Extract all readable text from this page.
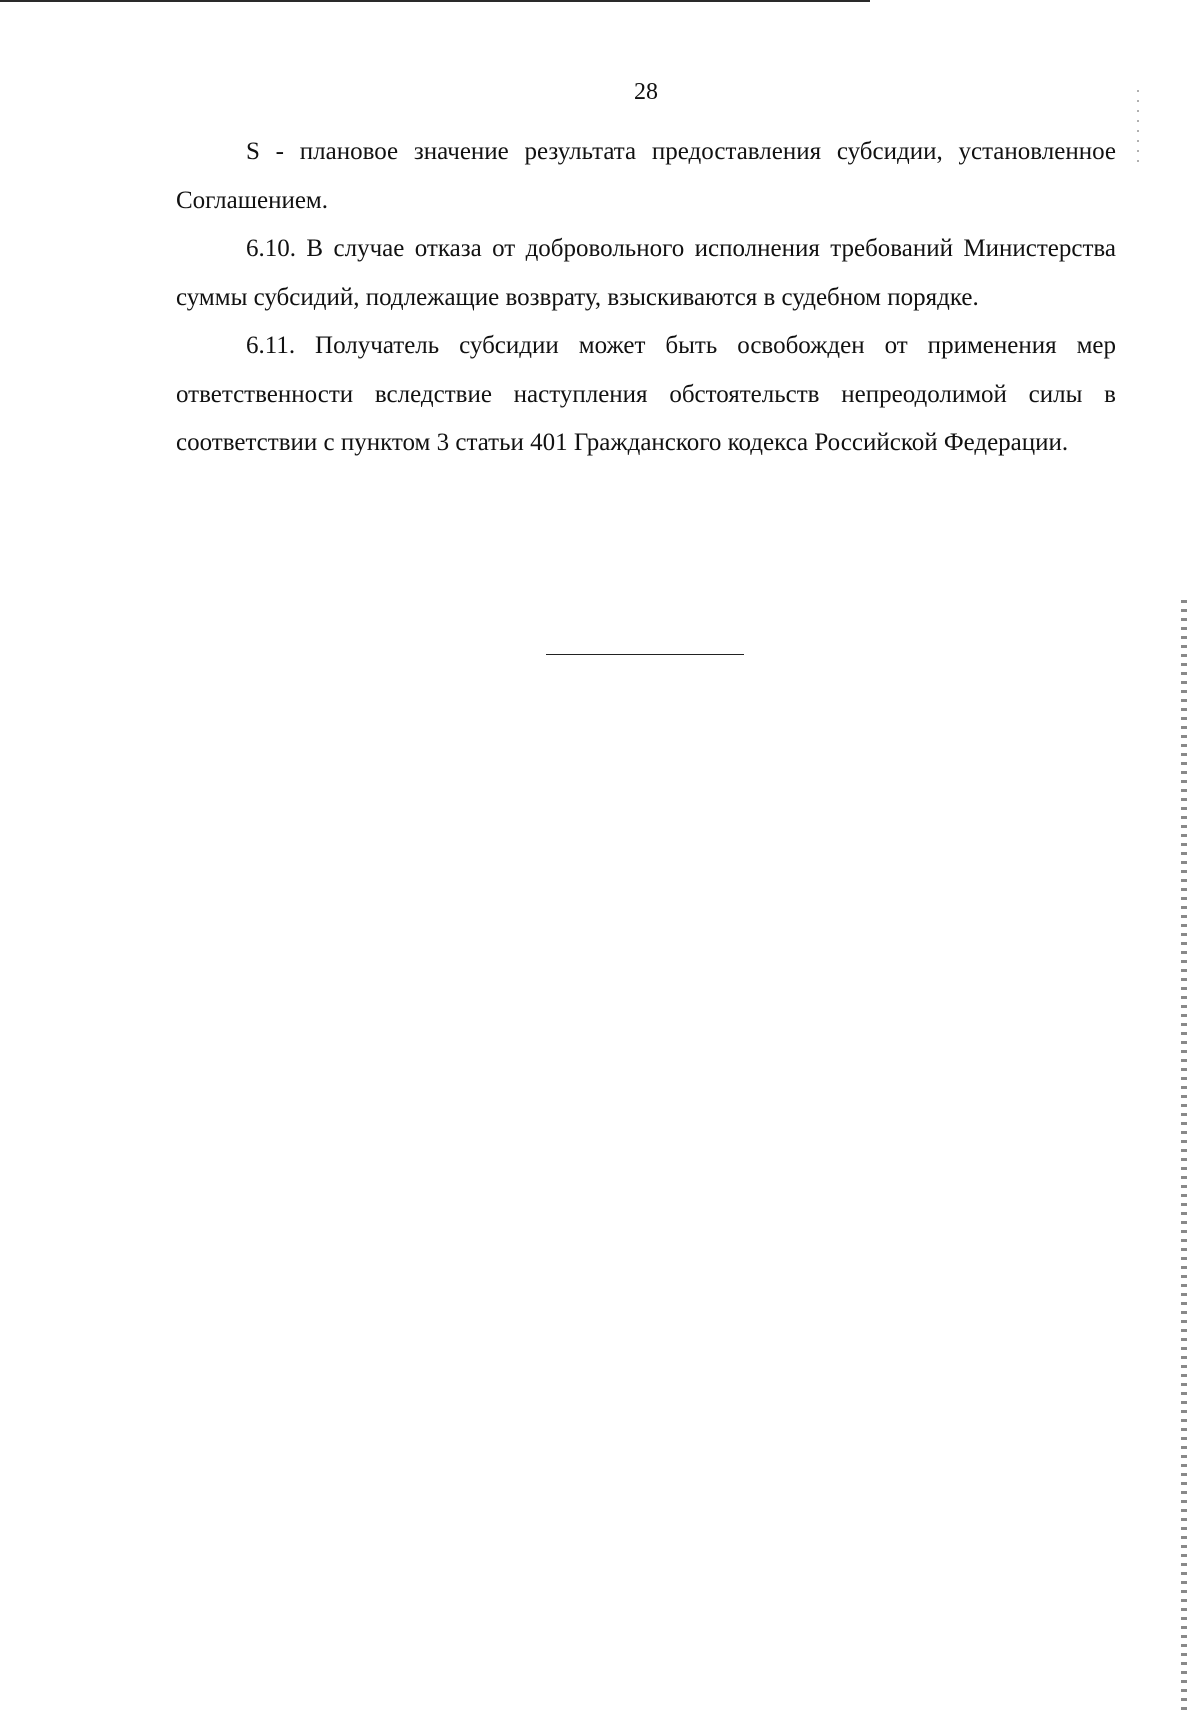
28

S - плановое значение результата предоставления субсидии, установленное Соглашением.

6.10. В случае отказа от добровольного исполнения требований Министерства суммы субсидий, подлежащие возврату, взыскиваются в судебном порядке.

6.11. Получатель субсидии может быть освобожден от применения мер ответственности вследствие наступления обстоятельств непреодолимой силы в соответствии с пунктом 3 статьи 401 Гражданского кодекса Российской Федерации.
